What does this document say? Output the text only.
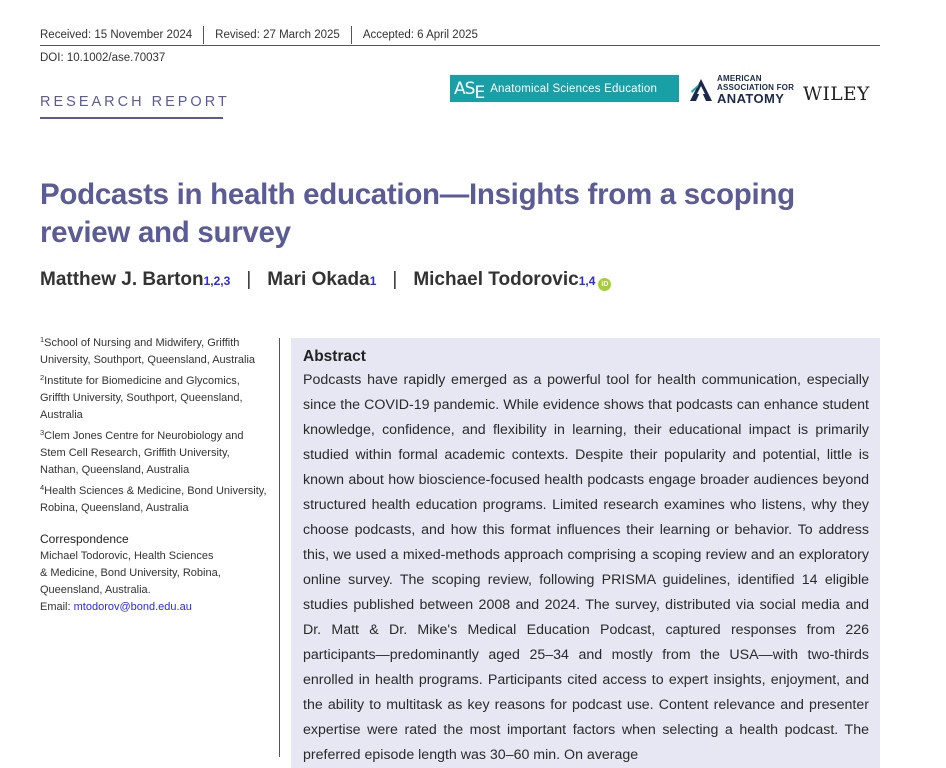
Received: 15 November 2024 Revised: 27 March 2025 Accepted: 6 April 2025
DOI: 10.1002/ase.70037
RESEARCH REPORT
ASE Anatomical Sciences Education
AMERICAN
ASSOCIATION FOR
ANATOMY	WILEY
Podcasts in health education—Insights from a scoping review and survey
Matthew J. Barton 1,2,3 | Mari Okada 1 | Michael Todorovic 1,4 iD
$^1$School of Nursing and Midwifery, Griffith University, Southport, Queensland, Australia
$^2$Institute for Biomedicine and Glycomics, Griffth University, Southport, Queensland, Australia
$^3$Clem Jones Centre for Neurobiology and Stem Cell Research, Griffith University, Nathan, Queensland, Australia
$^4$Health Sciences & Medicine, Bond University, Robina, Queensland, Australia
Correspondence
Michael Todorovic, Health Sciences
& Medicine, Bond University, Robina,
Queensland, Australia.
Email: mtodorov@bond.edu.au
Abstract

Podcasts have rapidly emerged as a powerful tool for health communication, especially since the COVID-19 pandemic. While evidence shows that podcasts can enhance student knowledge, confidence, and flexibility in learning, their educational impact is primarily studied within formal academic contexts. Despite their popularity and potential, little is known about how bioscience-focused health podcasts engage broader audiences beyond structured health education programs. Limited research examines who listens, why they choose podcasts, and how this format influences their learning or behavior. To address this, we used a mixed-methods approach comprising a scoping review and an exploratory online survey. The scoping review, following PRISMA guidelines, identified 14 eligible studies published between 2008 and 2024. The survey, distributed via social media and Dr. Matt & Dr. Mike's Medical Education Podcast, captured responses from 226 participants—predominantly aged 25–34 and mostly from the USA—with two-thirds enrolled in health programs. Participants cited access to expert insights, enjoyment, and the ability to multitask as key reasons for podcast use. Content relevance and presenter expertise were rated the most important factors when selecting a health podcast. The preferred episode length was 30–60 min. On average
